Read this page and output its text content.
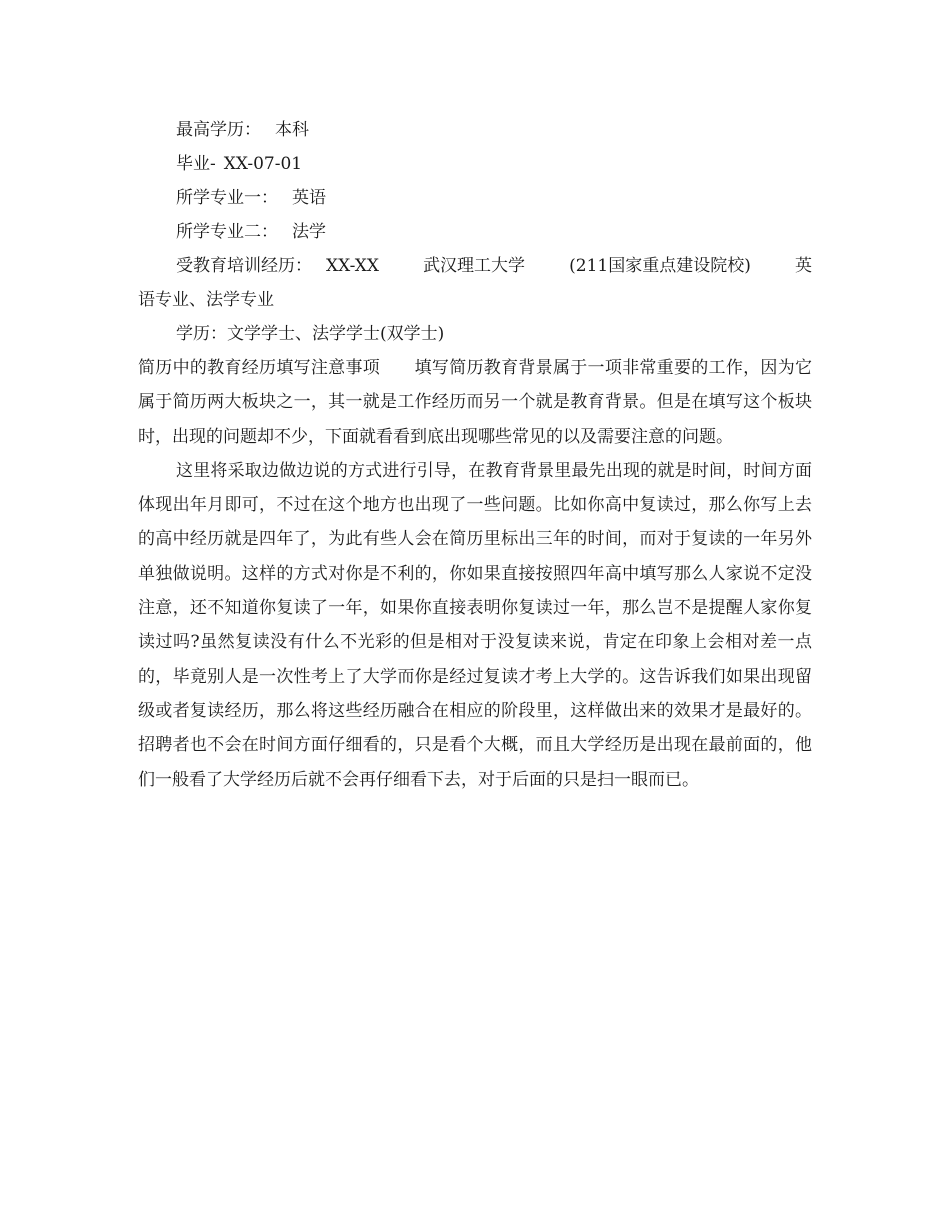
最高学历： 本科
毕业- XX-07-01
所学专业一： 英语
所学专业二： 法学
受教育培训经历： XX-XX	武汉理工大学	(211国家重点建设院校)	英
语专业、法学专业
学历：文学学士、法学学士(双学士)

简历中的教育经历填写注意事项　　填写简历教育背景属于一项非常重要的工作，因为它属于简历两大板块之一，其一就是工作经历而另一个就是教育背景。但是在填写这个板块时，出现的问题却不少，下面就看看到底出现哪些常见的以及需要注意的问题。

这里将采取边做边说的方式进行引导，在教育背景里最先出现的就是时间，时间方面体现出年月即可，不过在这个地方也出现了一些问题。比如你高中复读过，那么你写上去的高中经历就是四年了，为此有些人会在简历里标出三年的时间，而对于复读的一年另外单独做说明。这样的方式对你是不利的，你如果直接按照四年高中填写那么人家说不定没注意，还不知道你复读了一年，如果你直接表明你复读过一年，那么岂不是提醒人家你复读过吗?虽然复读没有什么不光彩的但是相对于没复读来说，肯定在印象上会相对差一点的，毕竟别人是一次性考上了大学而你是经过复读才考上大学的。这告诉我们如果出现留级或者复读经历，那么将这些经历融合在相应的阶段里，这样做出来的效果才是最好的。招聘者也不会在时间方面仔细看的，只是看个大概，而且大学经历是出现在最前面的，他们一般看了大学经历后就不会再仔细看下去，对于后面的只是扫一眼而已。
